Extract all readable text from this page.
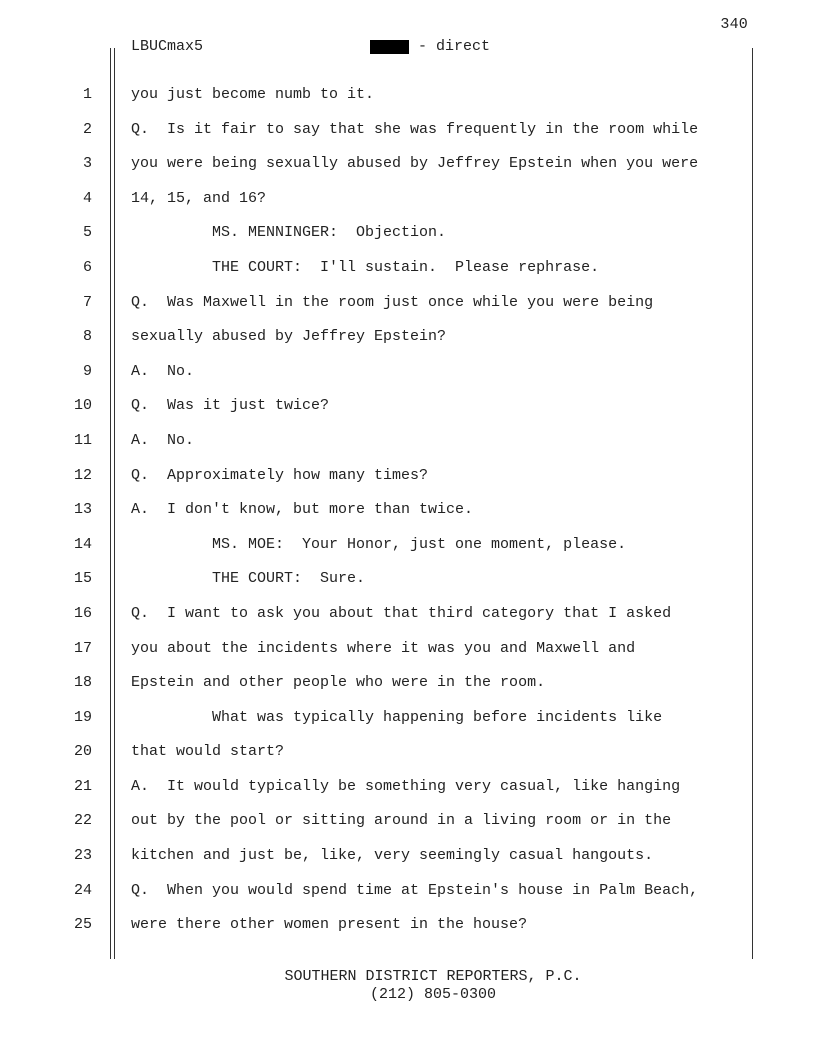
340
LBUCmax5	- direct
1	you just become numb to it.
2	Q.  Is it fair to say that she was frequently in the room while
3	you were being sexually abused by Jeffrey Epstein when you were
4	14, 15, and 16?
5	MS. MENNINGER:  Objection.
6	THE COURT:  I'll sustain.  Please rephrase.
7	Q.  Was Maxwell in the room just once while you were being
8	sexually abused by Jeffrey Epstein?
9	A.  No.
10	Q.  Was it just twice?
11	A.  No.
12	Q.  Approximately how many times?
13	A.  I don't know, but more than twice.
14	MS. MOE:  Your Honor, just one moment, please.
15	THE COURT:  Sure.
16	Q.  I want to ask you about that third category that I asked
17	you about the incidents where it was you and Maxwell and
18	Epstein and other people who were in the room.
19	What was typically happening before incidents like
20	that would start?
21	A.  It would typically be something very casual, like hanging
22	out by the pool or sitting around in a living room or in the
23	kitchen and just be, like, very seemingly casual hangouts.
24	Q.  When you would spend time at Epstein's house in Palm Beach,
25	were there other women present in the house?
SOUTHERN DISTRICT REPORTERS, P.C.
(212) 805-0300
